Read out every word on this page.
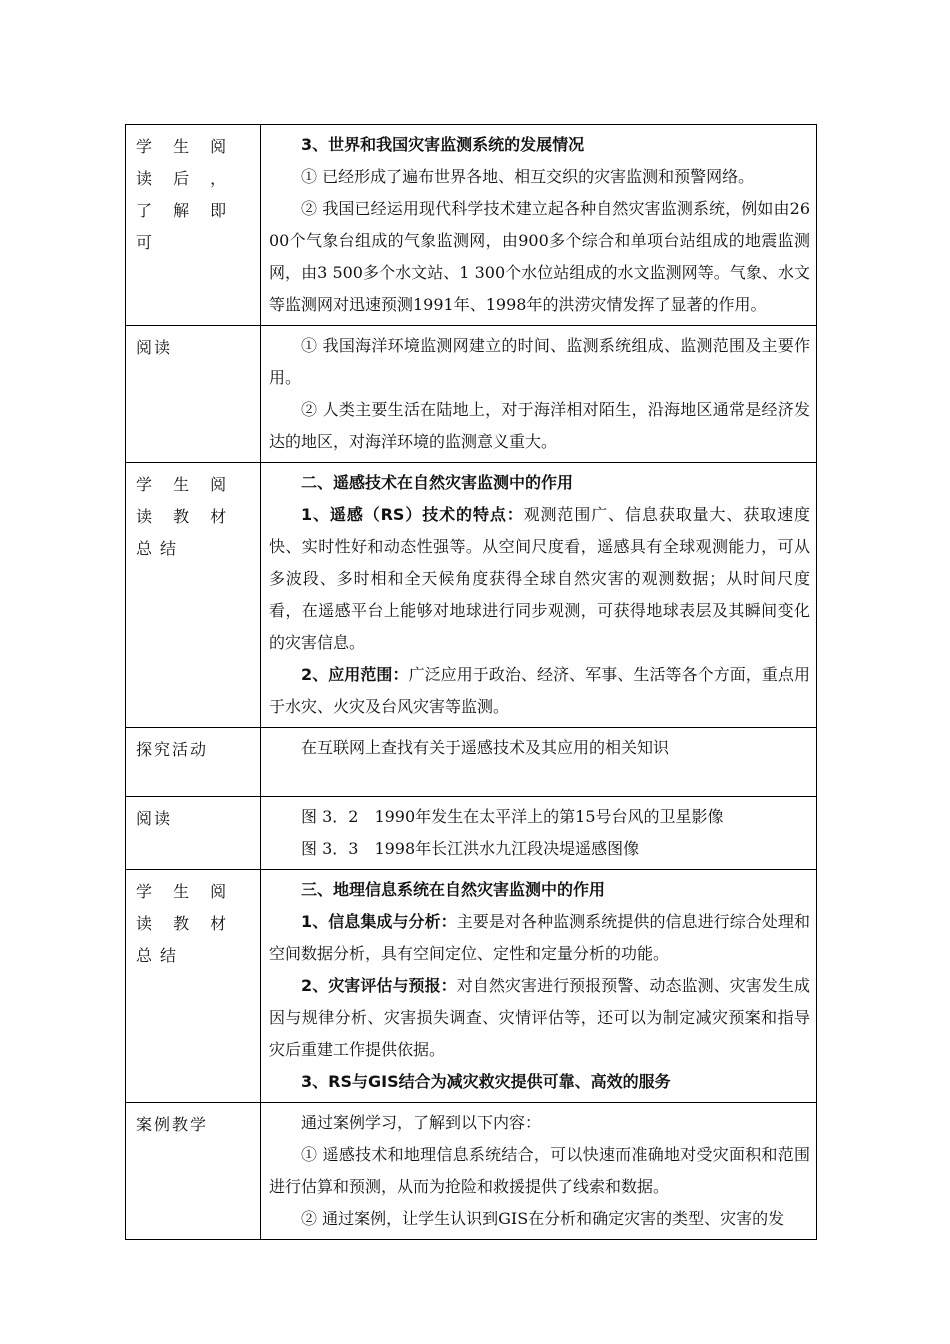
学 生 阅 读 后 ， 了 解 即 可	3、世界和我国灾害监测系统的发展情况

① 已经形成了遍布世界各地、相互交织的灾害监测和预警网络。

② 我国已经运用现代科学技术建立起各种自然灾害监测系统，例如由2600个气象台组成的气象监测网，由900多个综合和单项台站组成的地震监测网，由3 500多个水文站、1 300个水位站组成的水文监测网等。气象、水文等监测网对迅速预测1991年、1998年的洪涝灾情发挥了显著的作用。

阅读	① 我国海洋环境监测网建立的时间、监测系统组成、监测范围及主要作用。

② 人类主要生活在陆地上，对于海洋相对陌生，沿海地区通常是经济发达的地区，对海洋环境的监测意义重大。

学 生 阅 读 教 材总结	二、遥感技术在自然灾害监测中的作用

1、遥感（RS）技术的特点：观测范围广、信息获取量大、获取速度快、实时性好和动态性强等。从空间尺度看，遥感具有全球观测能力，可从多波段、多时相和全天候角度获得全球自然灾害的观测数据；从时间尺度看，在遥感平台上能够对地球进行同步观测，可获得地球表层及其瞬间变化的灾害信息。

2、应用范围：广泛应用于政治、经济、军事、生活等各个方面，重点用于水灾、火灾及台风灾害等监测。

探究活动	在互联网上查找有关于遥感技术及其应用的相关知识

阅读	图 3．2　1990年发生在太平洋上的第15号台风的卫星影像

图 3．3　1998年长江洪水九江段决堤遥感图像

学 生 阅 读 教 材总结	三、地理信息系统在自然灾害监测中的作用

1、信息集成与分析：主要是对各种监测系统提供的信息进行综合处理和空间数据分析，具有空间定位、定性和定量分析的功能。

2、灾害评估与预报：对自然灾害进行预报预警、动态监测、灾害发生成因与规律分析、灾害损失调查、灾情评估等，还可以为制定减灾预案和指导灾后重建工作提供依据。

3、RS与GIS结合为减灾救灾提供可靠、高效的服务

案例教学	通过案例学习，了解到以下内容：

① 遥感技术和地理信息系统结合，可以快速而准确地对受灾面积和范围进行估算和预测，从而为抢险和救援提供了线索和数据。

② 通过案例，让学生认识到GIS在分析和确定灾害的类型、灾害的发
